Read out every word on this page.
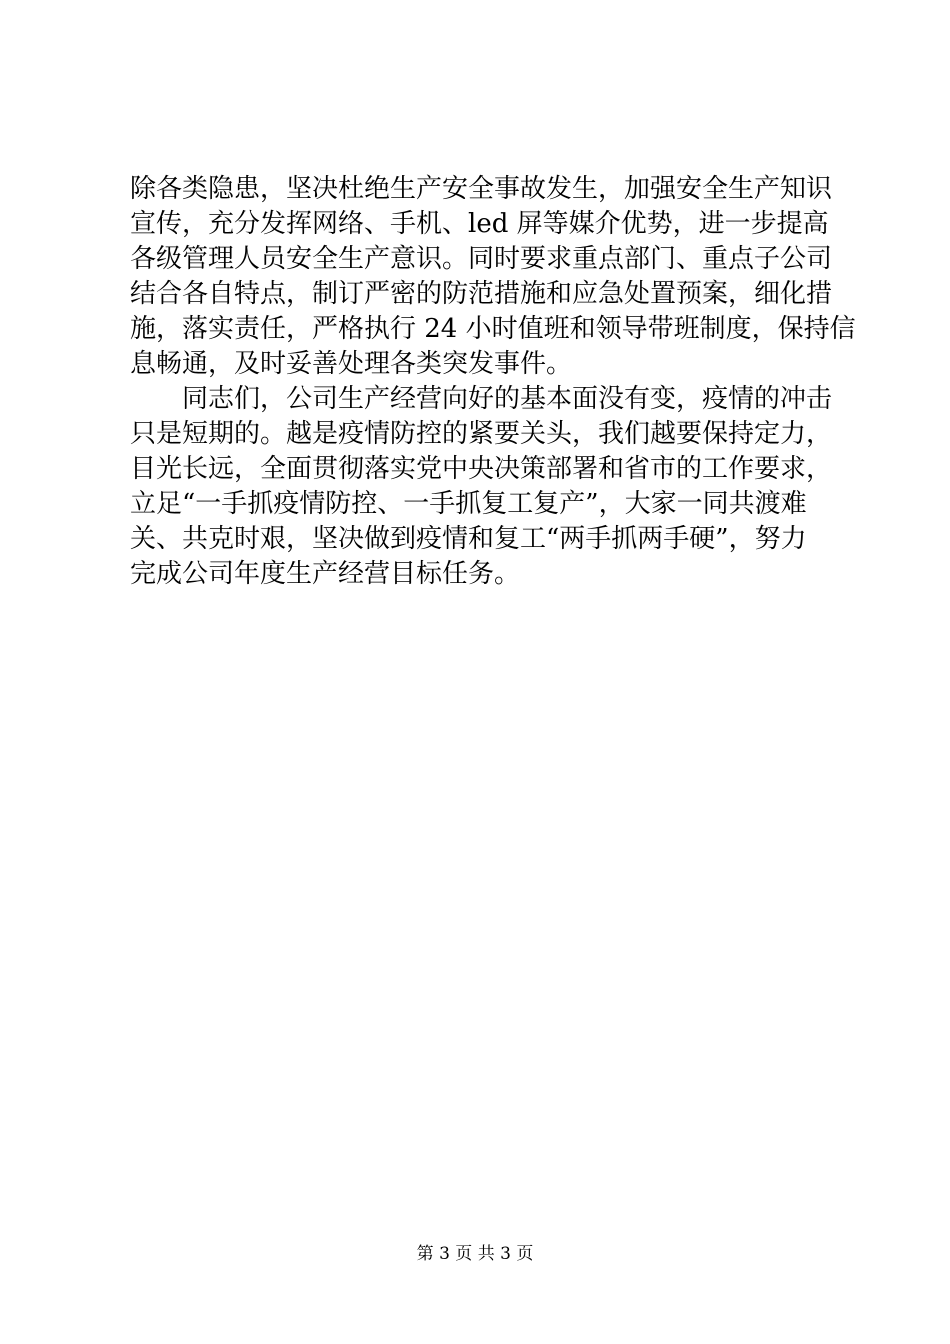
除各类隐患，坚决杜绝生产安全事故发生，加强安全生产知识
宣传，充分发挥网络、手机、led 屏等媒介优势，进一步提高
各级管理人员安全生产意识。同时要求重点部门、重点子公司
结合各自特点，制订严密的防范措施和应急处置预案，细化措
施，落实责任，严格执行 24 小时值班和领导带班制度，保持信
息畅通，及时妥善处理各类突发事件。
同志们，公司生产经营向好的基本面没有变，疫情的冲击
只是短期的。越是疫情防控的紧要关头，我们越要保持定力，
目光长远，全面贯彻落实党中央决策部署和省市的工作要求，
立足“一手抓疫情防控、一手抓复工复产”，大家一同共渡难
关、共克时艰，坚决做到疫情和复工“两手抓两手硬”，努力
完成公司年度生产经营目标任务。
第 3 页 共 3 页
